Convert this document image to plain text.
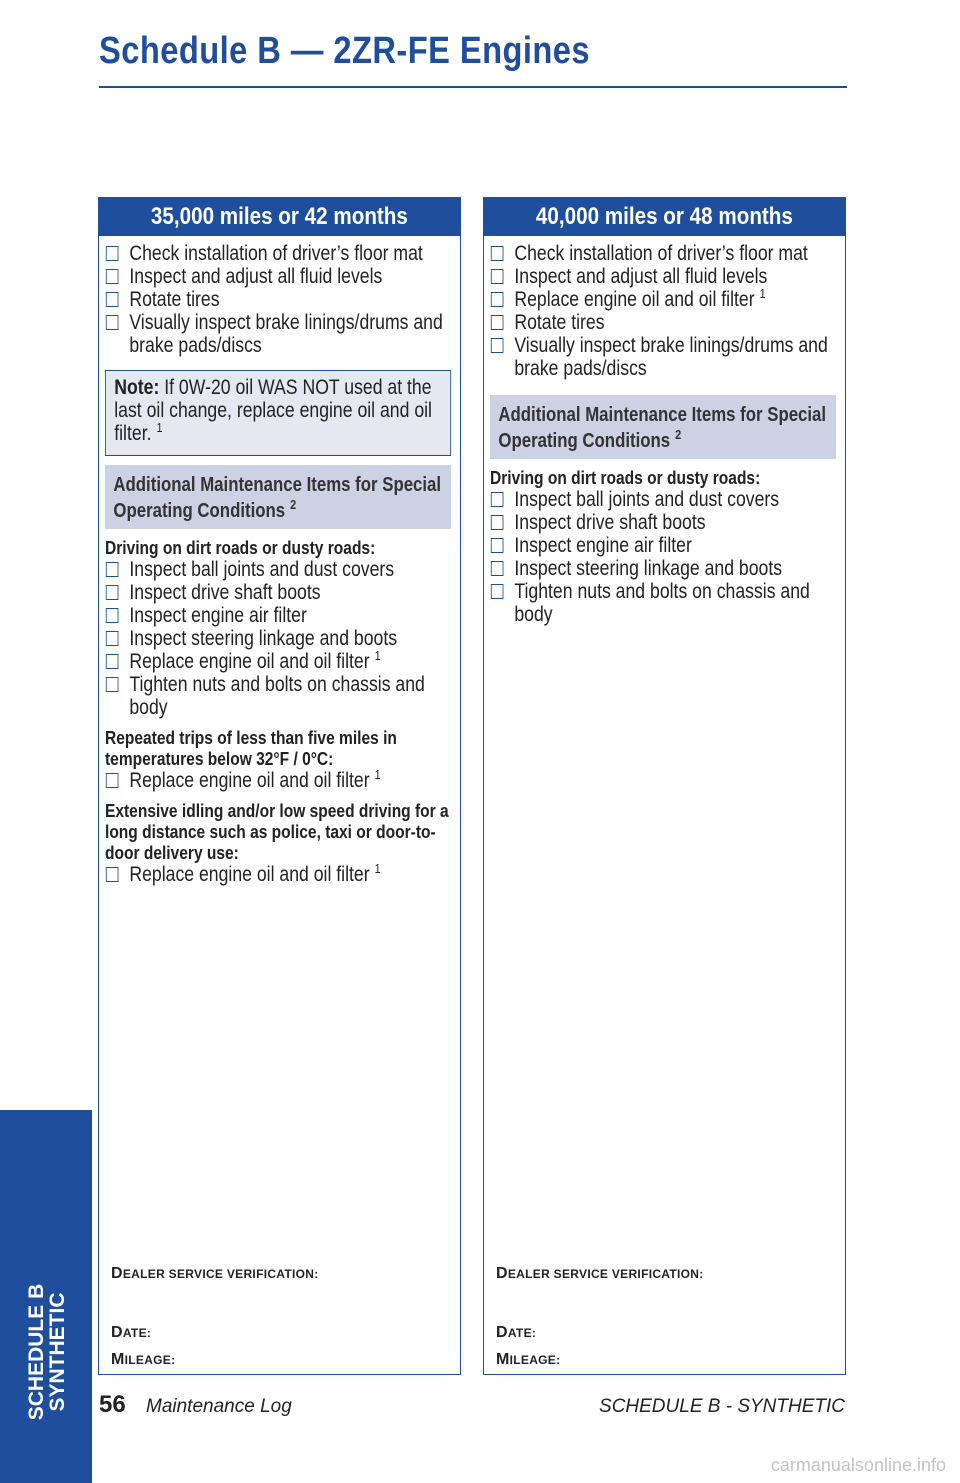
Schedule B — 2ZR-FE Engines
35,000 miles or 42 months
Check installation of driver’s floor mat
Inspect and adjust all fluid levels
Rotate tires
Visually inspect brake linings/drums and brake pads/discs
Note: If 0W-20 oil WAS NOT used at the last oil change, replace engine oil and oil filter. $^1$
Additional Maintenance Items for Special Operating Conditions $^2$
Driving on dirt roads or dusty roads:
Inspect ball joints and dust covers
Inspect drive shaft boots
Inspect engine air filter
Inspect steering linkage and boots
Replace engine oil and oil filter $^1$
Tighten nuts and bolts on chassis and body
Repeated trips of less than five miles in temperatures below 32°F / 0°C:
Replace engine oil and oil filter $^1$
Extensive idling and/or low speed driving for a long distance such as police, taxi or door-to-door delivery use:
Replace engine oil and oil filter $^1$
DEALER SERVICE VERIFICATION:
DATE:
MILEAGE:
40,000 miles or 48 months
Check installation of driver’s floor mat
Inspect and adjust all fluid levels
Replace engine oil and oil filter $^1$
Rotate tires
Visually inspect brake linings/drums and brake pads/discs
Additional Maintenance Items for Special Operating Conditions $^2$
Driving on dirt roads or dusty roads:
Inspect ball joints and dust covers
Inspect drive shaft boots
Inspect engine air filter
Inspect steering linkage and boots
Tighten nuts and bolts on chassis and body
DEALER SERVICE VERIFICATION:
DATE:
MILEAGE:
SCHEDULE B
SYNTHETIC 56 Maintenance Log	SCHEDULE B - SYNTHETIC
carmanualsonline.info
